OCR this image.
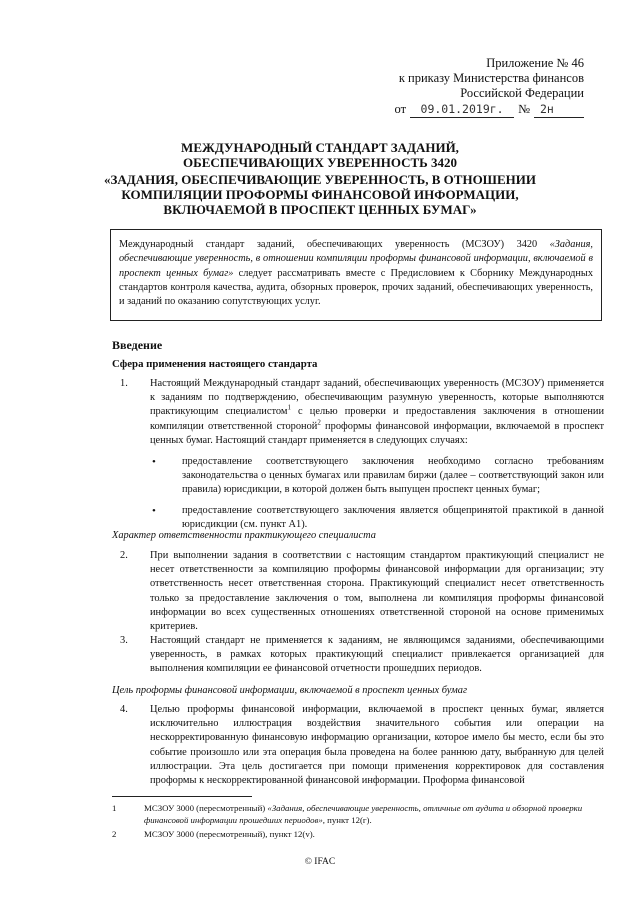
Приложение № 46
к приказу Министерства финансов
Российской Федерации
от	09.01.2019г.	№ 2н
МЕЖДУНАРОДНЫЙ СТАНДАРТ ЗАДАНИЙ,
ОБЕСПЕЧИВАЮЩИХ УВЕРЕННОСТЬ 3420
«ЗАДАНИЯ, ОБЕСПЕЧИВАЮЩИЕ УВЕРЕННОСТЬ, В ОТНОШЕНИИ
КОМПИЛЯЦИИ ПРОФОРМЫ ФИНАНСОВОЙ ИНФОРМАЦИИ,
ВКЛЮЧАЕМОЙ В ПРОСПЕКТ ЦЕННЫХ БУМАГ»
Международный стандарт заданий, обеспечивающих уверенность (МСЗОУ) 3420 «Задания, обеспечивающие уверенность, в отношении компиляции проформы финансовой информации, включаемой в проспект ценных бумаг» следует рассматривать вместе с Предисловием к Сборнику Международных стандартов контроля качества, аудита, обзорных проверок, прочих заданий, обеспечивающих уверенность, и заданий по оказанию сопутствующих услуг.
Введение
Сфера применения настоящего стандарта
1. Настоящий Международный стандарт заданий, обеспечивающих уверенность (МСЗОУ) применяется к заданиям по подтверждению, обеспечивающим разумную уверенность, которые выполняются практикующим специалистом$^1$ с целью проверки и предоставления заключения в отношении компиляции ответственной стороной$^2$ проформы финансовой информации, включаемой в проспект ценных бумаг. Настоящий стандарт применяется в следующих случаях:
•	предоставление соответствующего заключения необходимо согласно требованиям законодательства о ценных бумагах или правилам биржи (далее – соответствующий закон или правила) юрисдикции, в которой должен быть выпущен проспект ценных бумаг;
•	предоставление соответствующего заключения является общепринятой практикой в данной юрисдикции (см. пункт A1).
Характер ответственности практикующего специалиста
2. При выполнении задания в соответствии с настоящим стандартом практикующий специалист не несет ответственности за компиляцию проформы финансовой информации для организации; эту ответственность несет ответственная сторона. Практикующий специалист несет ответственность только за предоставление заключения о том, выполнена ли компиляция проформы финансовой информации во всех существенных отношениях ответственной стороной на основе применимых критериев.
3. Настоящий стандарт не применяется к заданиям, не являющимся заданиями, обеспечивающими уверенность, в рамках которых практикующий специалист привлекается организацией для выполнения компиляции ее финансовой отчетности прошедших периодов.
Цель проформы финансовой информации, включаемой в проспект ценных бумаг
4. Целью проформы финансовой информации, включаемой в проспект ценных бумаг, является исключительно иллюстрация воздействия значительного события или операции на нескорректированную финансовую информацию организации, которое имело бы место, если бы это событие произошло или эта операция была проведена на более раннюю дату, выбранную для целей иллюстрации. Эта цель достигается при помощи применения корректировок для составления проформы к нескорректированной финансовой информации. Проформа финансовой
1	МСЗОУ 3000 (пересмотренный) «Задания, обеспечивающие уверенность, отличные от аудита и обзорной проверки финансовой информации прошедших периодов», пункт 12(г).
2	МСЗОУ 3000 (пересмотренный), пункт 12(v).
© IFAC
